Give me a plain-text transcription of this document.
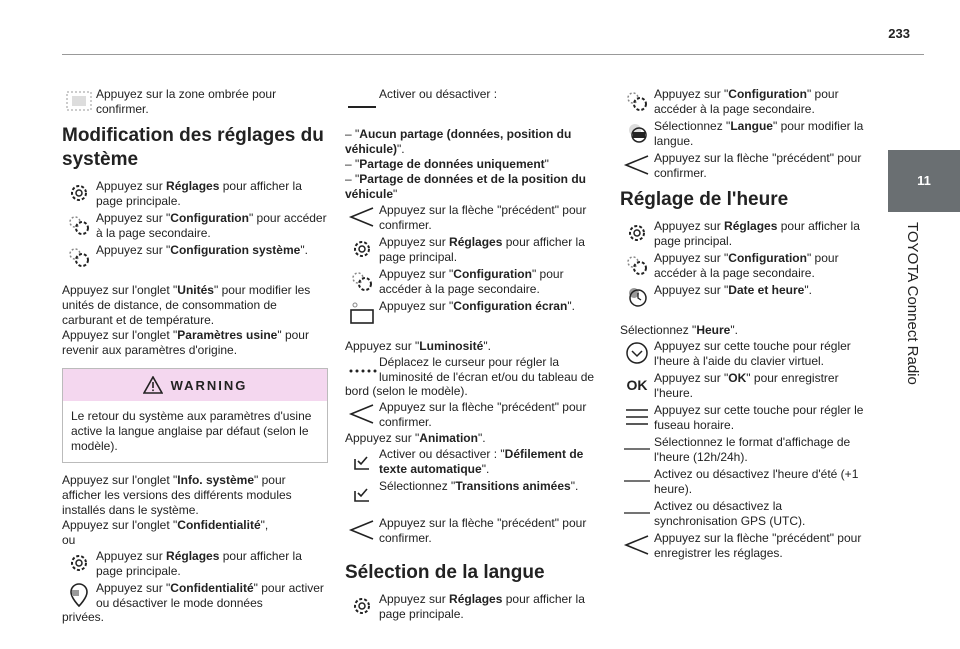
233
11
TOYOTA Connect Radio
Appuyez sur la zone ombrée pour confirmer.
Modification des réglages du système
Appuyez sur Réglages pour afficher la page principale.
Appuyez sur "Configuration" pour accéder à la page secondaire.
Appuyez sur "Configuration système".

Appuyez sur l'onglet "Unités" pour modifier les unités de distance, de consommation de carburant et de température.

Appuyez sur l'onglet "Paramètres usine" pour revenir aux paramètres d'origine.

WARNING
Le retour du système aux paramètres d'usine active la langue anglaise par défaut (selon le modèle).

Appuyez sur l'onglet "Info. système" pour afficher les versions des différents modules installés dans le système.

Appuyez sur l'onglet "Confidentialité",

ou

Appuyez sur Réglages pour afficher la page principale.
Appuyez sur "Confidentialité" pour activer ou désactiver le mode données

privées.

Activer ou désactiver :

– "Aucun partage (données, position du véhicule)".

– "Partage de données uniquement"

– "Partage de données et de la position du véhicule"

Appuyez sur la flèche "précédent" pour confirmer.
Appuyez sur Réglages pour afficher la page principal.
Appuyez sur "Configuration" pour accéder à la page secondaire.
Appuyez sur "Configuration écran".

Appuyez sur "Luminosité".

Déplacez le curseur pour régler la luminosité de l'écran et/ou du tableau de

bord (selon le modèle).

Appuyez sur la flèche "précédent" pour confirmer.

Appuyez sur "Animation".

Activer ou désactiver : "Défilement de texte automatique".
Sélectionnez "Transitions animées".
Appuyez sur la flèche "précédent" pour confirmer.
Sélection de la langue
Appuyez sur Réglages pour afficher la page principale.
Appuyez sur "Configuration" pour accéder à la page secondaire.
Sélectionnez "Langue" pour modifier la langue.
Appuyez sur la flèche "précédent" pour confirmer.
Réglage de l'heure
Appuyez sur Réglages pour afficher la page principal.
Appuyez sur "Configuration" pour accéder à la page secondaire.
Appuyez sur "Date et heure".

Sélectionnez "Heure".

Appuyez sur cette touche pour régler l'heure à l'aide du clavier virtuel.
OK Appuyez sur "OK" pour enregistrer l'heure.
Appuyez sur cette touche pour régler le fuseau horaire.
Sélectionnez le format d'affichage de l'heure (12h/24h).
Activez ou désactivez l'heure d'été (+1 heure).
Activez ou désactivez la synchronisation GPS (UTC).
Appuyez sur la flèche "précédent" pour enregistrer les réglages.
